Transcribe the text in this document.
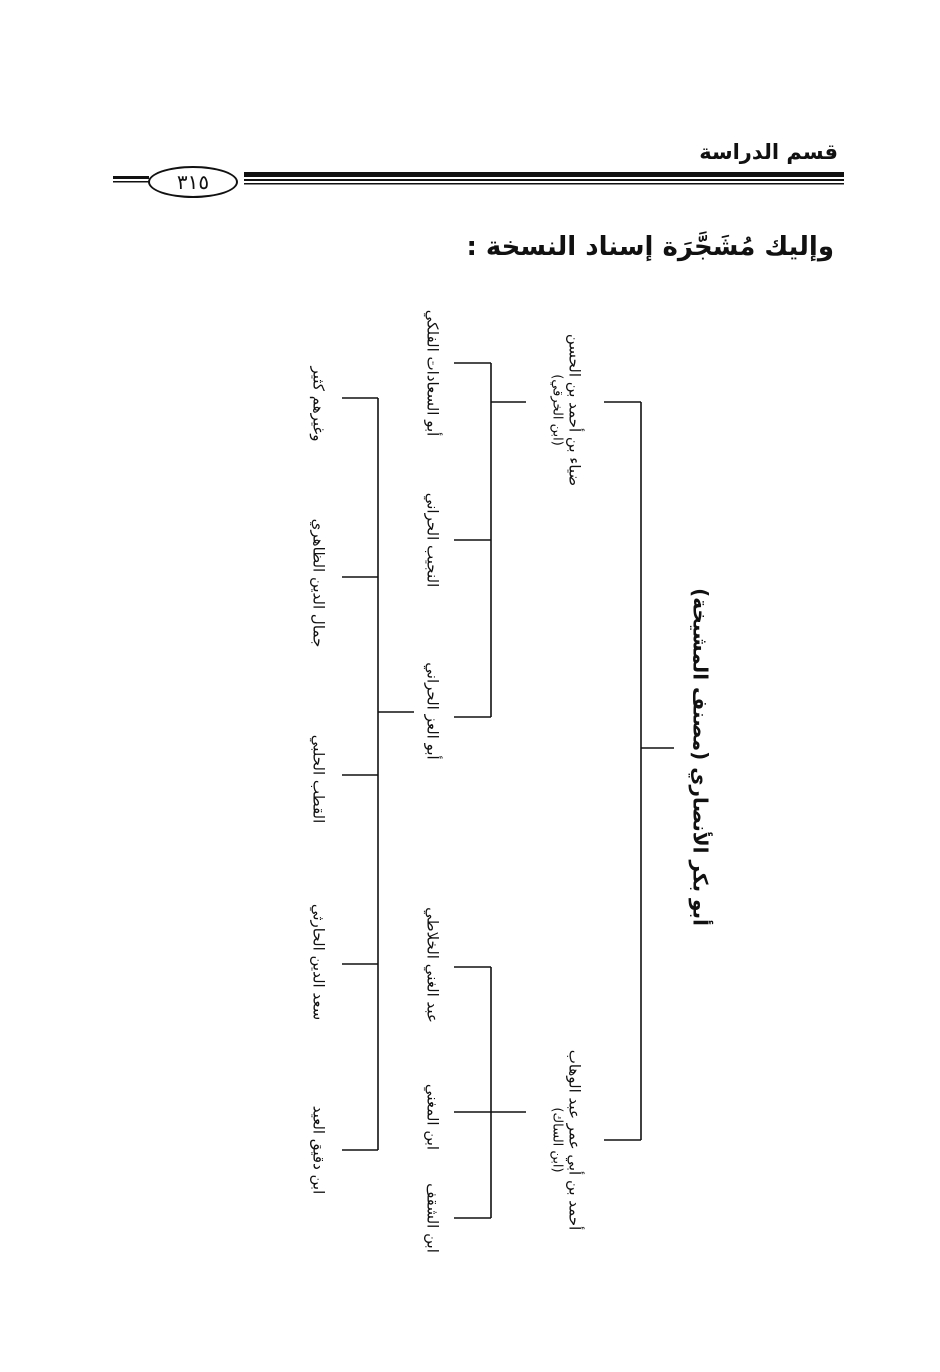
قسم الدراسة
٣١٥
وإليك مُشَجَّرَة إسناد النسخة :
أبو بكر الأنصاري (مصنف المشيخة)
ضياء بن أحمد بن الحسن
(ابن الخرقي)
أبو السعادات الفلكي
النجيب الحراني
أبو العز الحراني
أحمد بن أبي عمر عبد الوهاب
(ابن الساك)
عبد الغني الخلاطي
ابن المغني
ابن الشقف
وغيرهم كثير
جمال الدين الظاهري
القطب الحلبي
سعد الدين الحارثي
ابن دقيق العيد
